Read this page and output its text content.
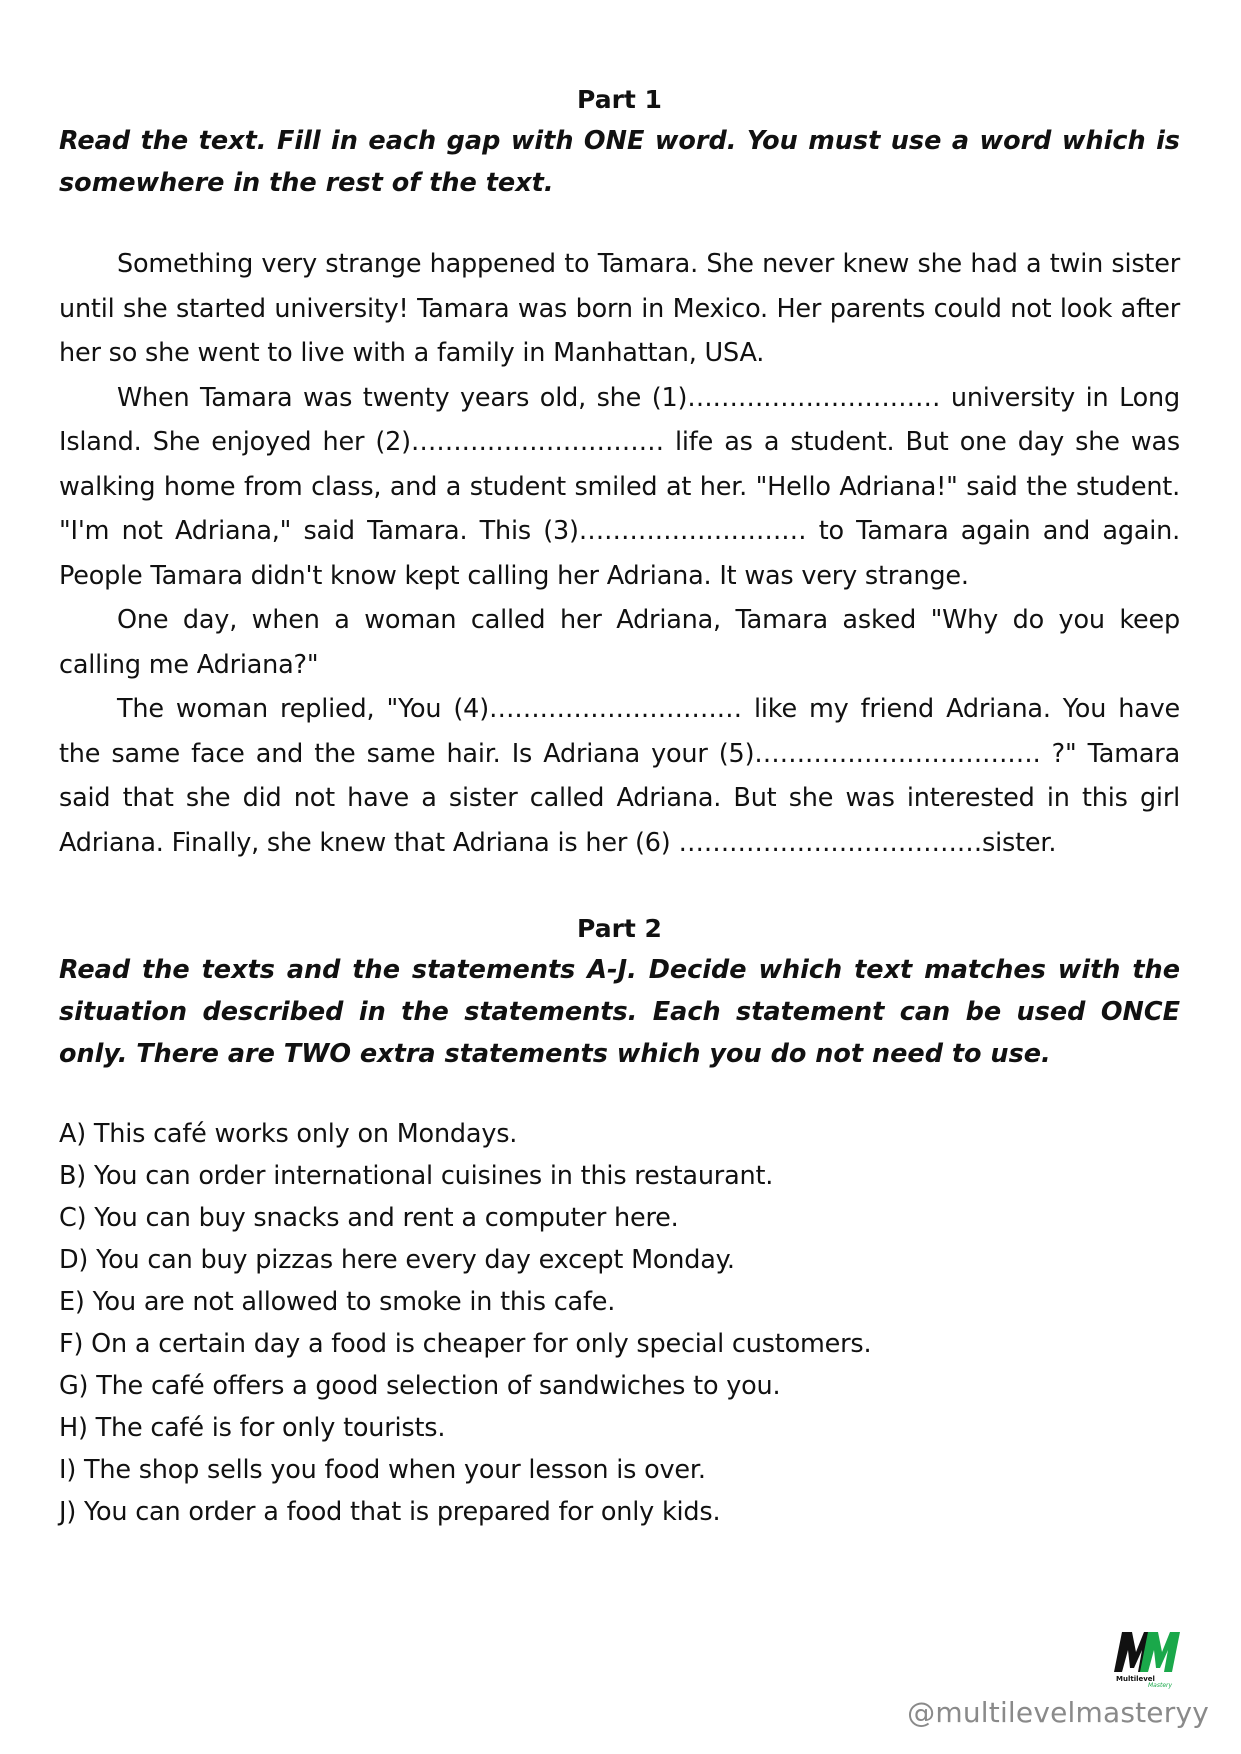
Part 1

Read the text. Fill in each gap with ONE word. You must use a word which is somewhere in the rest of the text.

Something very strange happened to Tamara. She never knew she had a twin sister until she started university! Tamara was born in Mexico. Her parents could not look after her so she went to live with a family in Manhattan, USA.

When Tamara was twenty years old, she (1)………………………… university in Long Island. She enjoyed her (2)………………………… life as a student. But one day she was walking home from class, and a student smiled at her. "Hello Adriana!" said the student. "I'm not Adriana," said Tamara. This (3)……………………… to Tamara again and again. People Tamara didn't know kept calling her Adriana. It was very strange.

One day, when a woman called her Adriana, Tamara asked "Why do you keep calling me Adriana?"

The woman replied, "You (4)………………………… like my friend Adriana. You have the same face and the same hair. Is Adriana your (5)……………………………. ?" Tamara said that she did not have a sister called Adriana. But she was interested in this girl Adriana. Finally, she knew that Adriana is her (6) ………………………………sister.

Part 2

Read the texts and the statements A-J. Decide which text matches with the situation described in the statements. Each statement can be used ONCE only. There are TWO extra statements which you do not need to use.

A) This café works only on Mondays.
B) You can order international cuisines in this restaurant.
C) You can buy snacks and rent a computer here.
D) You can buy pizzas here every day except Monday.
E) You are not allowed to smoke in this cafe.
F) On a certain day a food is cheaper for only special customers.
G) The café offers a good selection of sandwiches to you.
H) The café is for only tourists.
I) The shop sells you food when your lesson is over.
J) You can order a food that is prepared for only kids.
Multilevel
Mastery
@multilevelmasteryy
